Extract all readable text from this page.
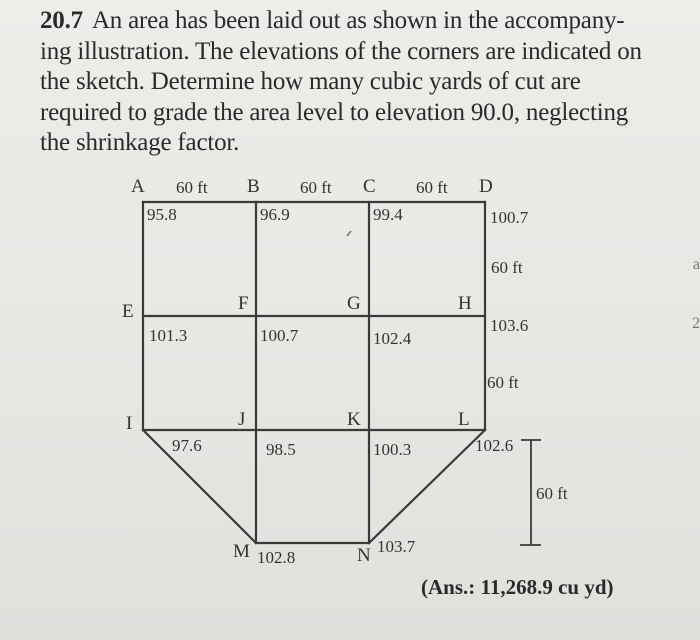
20.7 An area has been laid out as shown in the accompany-
ing illustration. The elevations of the corners are indicated on
the sketch. Determine how many cubic yards of cut are
required to grade the area level to elevation 90.0, neglecting
the shrinkage factor.
A 60 ft B 60 ft C 60 ft D
95.8	96.9	99.4	100.7
60 ft
E	F	G	H
101.3	100.7	102.4
103.6
60 ft
I	J	K	L
97.6	98.5	100.3	102.6
60 ft
M 102.8	N 103.7
(Ans.: 11,268.9 cu yd)
a
2
